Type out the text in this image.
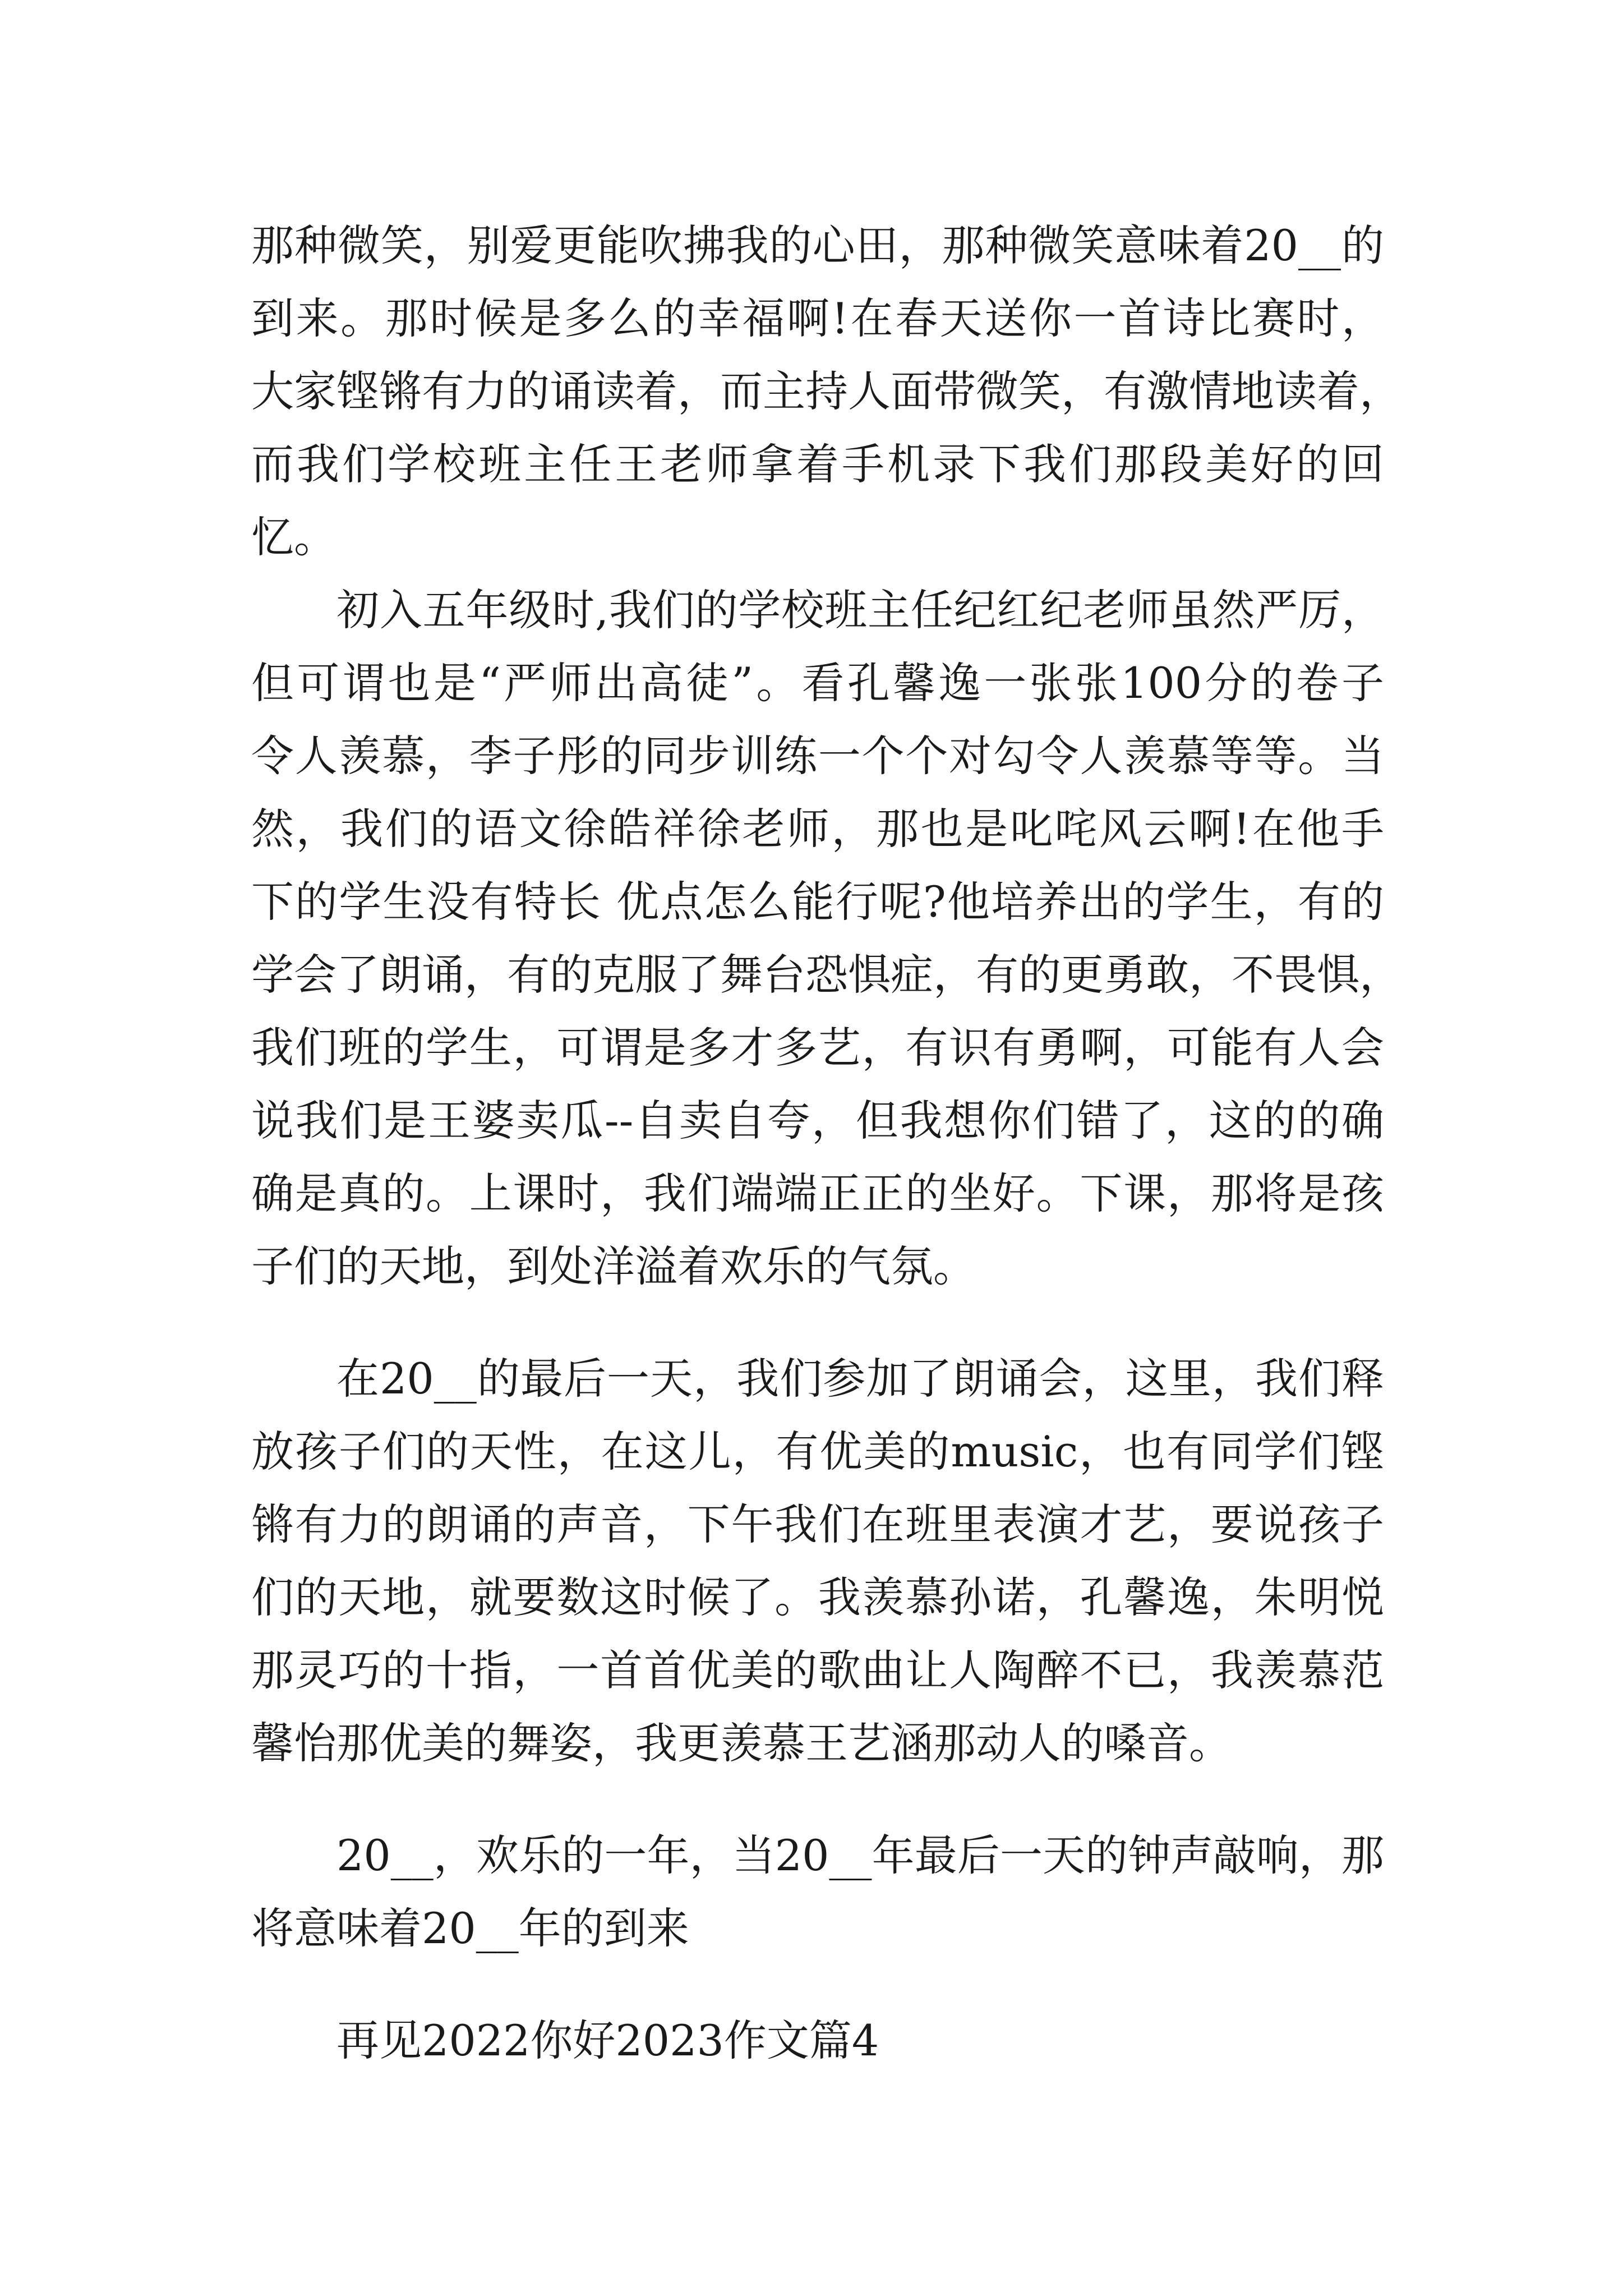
那种微笑，别爱更能吹拂我的心田，那种微笑意味着20__的
到来。那时候是多么的幸福啊!在春天送你一首诗比赛时，
大家铿锵有力的诵读着，而主持人面带微笑，有激情地读着，
而我们学校班主任王老师拿着手机录下我们那段美好的回
忆。
初入五年级时,我们的学校班主任纪红纪老师虽然严厉，
但可谓也是“严师出高徒”。看孔馨逸一张张100分的卷子
令人羡慕，李子彤的同步训练一个个对勾令人羡慕等等。当
然，我们的语文徐皓祥徐老师，那也是叱咤风云啊!在他手
下的学生没有特长 优点怎么能行呢?他培养出的学生，有的
学会了朗诵，有的克服了舞台恐惧症，有的更勇敢，不畏惧，
我们班的学生，可谓是多才多艺，有识有勇啊，可能有人会
说我们是王婆卖瓜--自卖自夸，但我想你们错了，这的的确
确是真的。上课时，我们端端正正的坐好。下课，那将是孩
子们的天地，到处洋溢着欢乐的气氛。
在20__的最后一天，我们参加了朗诵会，这里，我们释
放孩子们的天性，在这儿，有优美的music，也有同学们铿
锵有力的朗诵的声音，下午我们在班里表演才艺，要说孩子
们的天地，就要数这时候了。我羡慕孙诺，孔馨逸，朱明悦
那灵巧的十指，一首首优美的歌曲让人陶醉不已，我羡慕范
馨怡那优美的舞姿，我更羡慕王艺涵那动人的嗓音。
20__，欢乐的一年，当20__年最后一天的钟声敲响，那
将意味着20__年的到来
再见2022你好2023作文篇4
